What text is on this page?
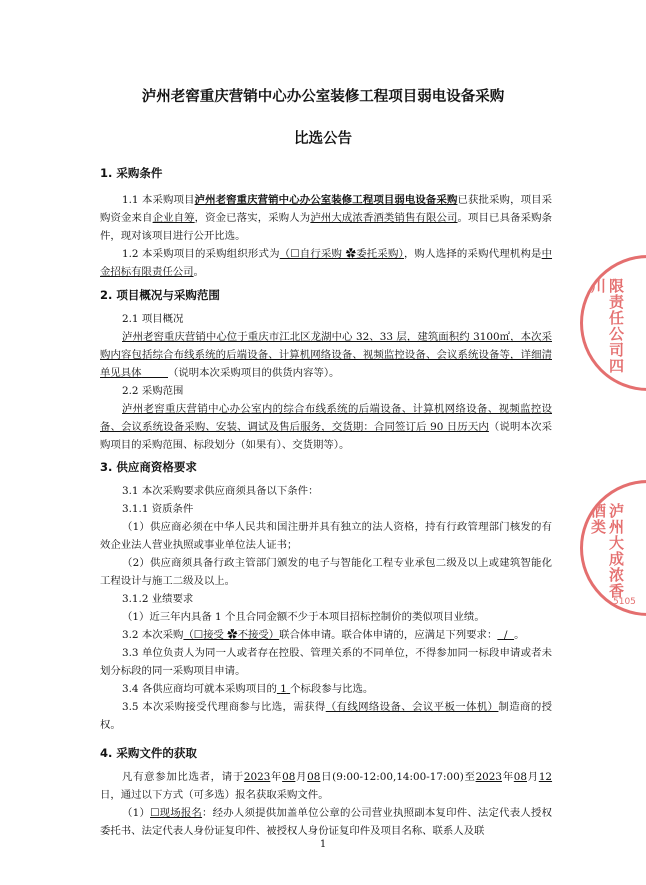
泸州老窖重庆营销中心办公室装修工程项目弱电设备采购
比选公告
1. 采购条件
1.1 本采购项目泸州老窖重庆营销中心办公室装修工程项目弱电设备采购已获批采购，项目采购资金来自企业自筹，资金已落实，采购人为泸州大成浓香酒类销售有限公司。项目已具备采购条件，现对该项目进行公开比选。
1.2 本采购项目的采购组织形式为（☐自行采购 ✿委托采购），购人选择的采购代理机构是中金招标有限责任公司。
2. 项目概况与采购范围
2.1 项目概况
泸州老窖重庆营销中心位于重庆市江北区龙湖中心 32、33 层，建筑面积约 3100㎡，本次采购内容包括综合布线系统的后端设备、计算机网络设备、视频监控设备、会议系统设备等，详细清单见具体	（说明本次采购项目的供货内容等）。
2.2 采购范围
泸州老窖重庆营销中心办公室内的综合布线系统的后端设备、计算机网络设备、视频监控设备、会议系统设备采购、安装、调试及售后服务，交货期：合同签订后 90 日历天内（说明本次采购项目的采购范围、标段划分（如果有）、交货期等）。
3. 供应商资格要求
3.1 本次采购要求供应商须具备以下条件：
3.1.1 资质条件
（1）供应商必须在中华人民共和国注册并具有独立的法人资格，持有行政管理部门核发的有效企业法人营业执照或事业单位法人证书；
（2）供应商须具备行政主管部门颁发的电子与智能化工程专业承包二级及以上或建筑智能化工程设计与施工二级及以上。
3.1.2 业绩要求
（1）近三年内具备 1 个且合同金额不少于本项目招标控制价的类似项目业绩。
3.2 本次采购（☐接受 ✿不接受）联合体申请。联合体申请的，应满足下列要求： / 。
3.3 单位负责人为同一人或者存在控股、管理关系的不同单位，不得参加同一标段申请或者未划分标段的同一采购项目申请。
3.4 各供应商均可就本采购项目的 1 个标段参与比选。
3.5 本次采购接受代理商参与比选，需获得（有线网络设备、会议平板一体机）制造商的授权。
4. 采购文件的获取
凡有意参加比选者，请于2023年08月08日(9:00-12:00,14:00-17:00)至2023年08月12日，通过以下方式（可多选）报名获取采购文件。
（1）☐现场报名：经办人须提供加盖单位公章的公司营业执照副本复印件、法定代表人授权委托书、法定代表人身份证复印件、被授权人身份证复印件及项目名称、联系人及联
1
限责任公司四川
泸州大成浓香酒类
5105
